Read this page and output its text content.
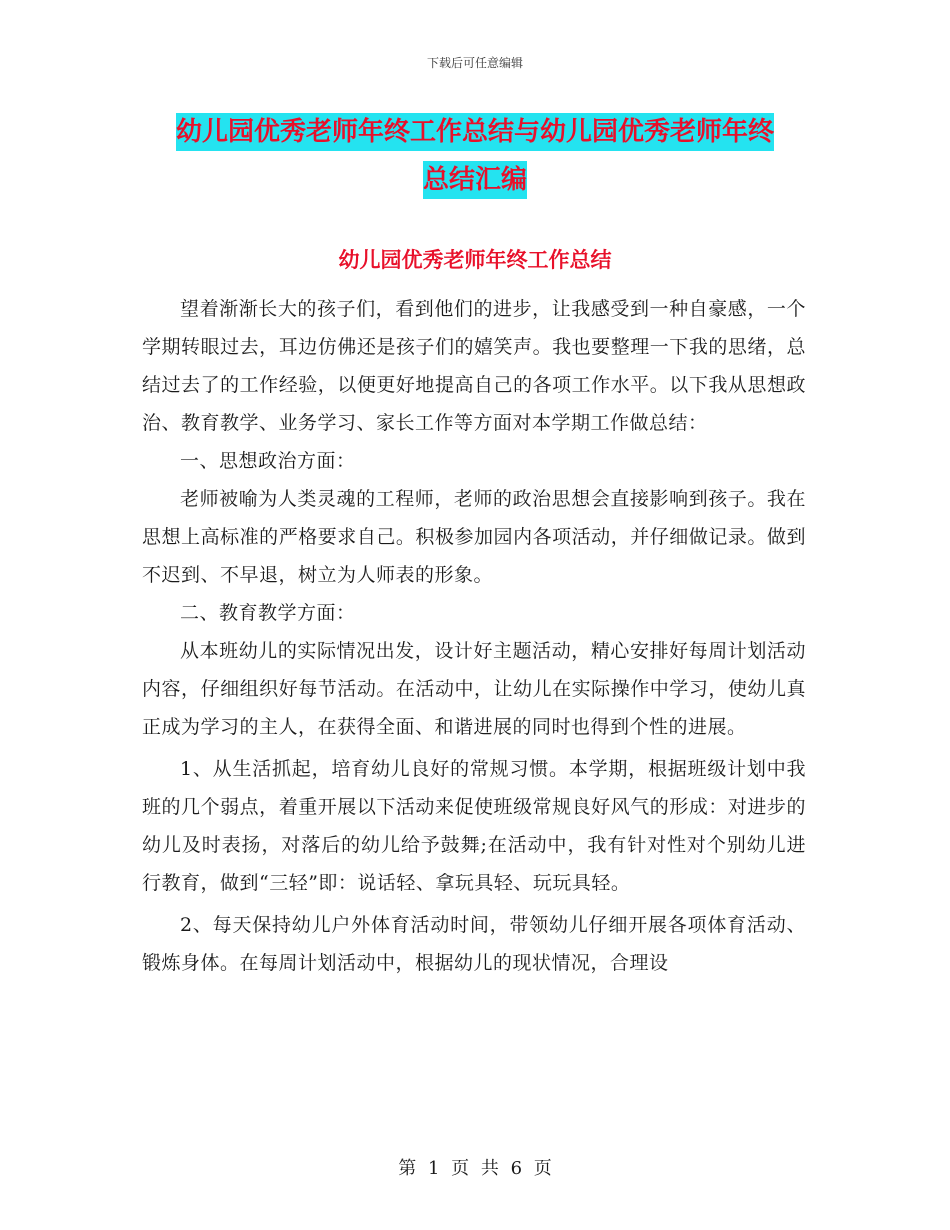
下载后可任意编辑
幼儿园优秀老师年终工作总结与幼儿园优秀老师年终
总结汇编
幼儿园优秀老师年终工作总结

望着渐渐长大的孩子们，看到他们的进步，让我感受到一种自豪感，一个学期转眼过去，耳边仿佛还是孩子们的嬉笑声。我也要整理一下我的思绪，总结过去了的工作经验，以便更好地提高自己的各项工作水平。以下我从思想政治、教育教学、业务学习、家长工作等方面对本学期工作做总结：

一、思想政治方面：

老师被喻为人类灵魂的工程师，老师的政治思想会直接影响到孩子。我在思想上高标准的严格要求自己。积极参加园内各项活动，并仔细做记录。做到不迟到、不早退，树立为人师表的形象。

二、教育教学方面：

从本班幼儿的实际情况出发，设计好主题活动，精心安排好每周计划活动内容，仔细组织好每节活动。在活动中，让幼儿在实际操作中学习，使幼儿真正成为学习的主人，在获得全面、和谐进展的同时也得到个性的进展。

1、从生活抓起，培育幼儿良好的常规习惯。本学期，根据班级计划中我班的几个弱点，着重开展以下活动来促使班级常规良好风气的形成：对进步的幼儿及时表扬，对落后的幼儿给予鼓舞;在活动中，我有针对性对个别幼儿进行教育，做到“三轻”即：说话轻、拿玩具轻、玩玩具轻。

2、每天保持幼儿户外体育活动时间，带领幼儿仔细开展各项体育活动、锻炼身体。在每周计划活动中，根据幼儿的现状情况，合理设

第 1 页 共 6 页
